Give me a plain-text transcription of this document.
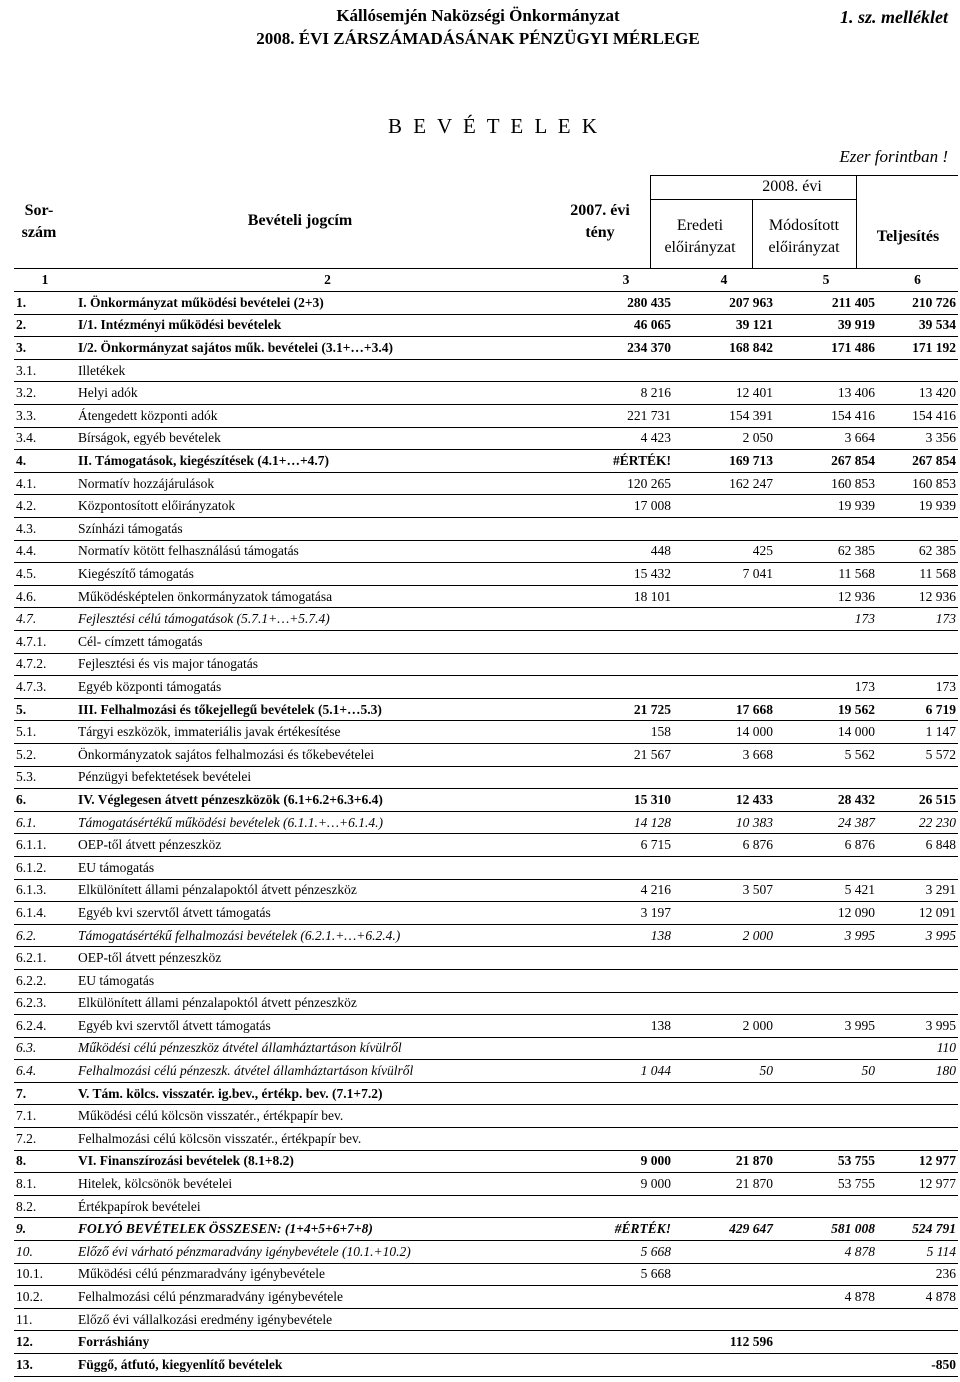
Kállósemjén Naközségi Önkormányzat
2008. ÉVI ZÁRSZÁMADÁSÁNAK PÉNZÜGYI MÉRLEGE
1. sz. melléklet
B E V É T E L E K
Ezer forintban !
Sor-
szám
Bevételi jogcím
2007. évi
tény
2008. évi
Eredeti
előirányzat
Módosított
előirányzat
Teljesítés
1	2	3	4	5	6
1.	I. Önkormányzat működési bevételei (2+3)	280 435	207 963	211 405	210 726
2.	I/1. Intézményi működési bevételek	46 065	39 121	39 919	39 534
3.	I/2. Önkormányzat sajátos műk. bevételei (3.1+…+3.4)	234 370	168 842	171 486	171 192
3.1.	Illetékek				
3.2.	Helyi adók	8 216	12 401	13 406	13 420
3.3.	Átengedett központi adók	221 731	154 391	154 416	154 416
3.4.	Bírságok, egyéb bevételek	4 423	2 050	3 664	3 356
4.	II. Támogatások, kiegészítések (4.1+…+4.7)	#ÉRTÉK!	169 713	267 854	267 854
4.1.	Normatív hozzájárulások	120 265	162 247	160 853	160 853
4.2.	Központosított előirányzatok	17 008		19 939	19 939
4.3.	Színházi támogatás				
4.4.	Normatív kötött felhasználású támogatás	448	425	62 385	62 385
4.5.	Kiegészítő támogatás	15 432	7 041	11 568	11 568
4.6.	Működésképtelen önkormányzatok támogatása	18 101		12 936	12 936
4.7.	Fejlesztési célú támogatások (5.7.1+…+5.7.4)			173	173
4.7.1.	Cél- címzett támogatás				
4.7.2.	Fejlesztési és vis major tánogatás				
4.7.3.	Egyéb központi támogatás			173	173
5.	III. Felhalmozási és tőkejellegű bevételek (5.1+…5.3)	21 725	17 668	19 562	6 719
5.1.	Tárgyi eszközök, immateriális javak értékesítése	158	14 000	14 000	1 147
5.2.	Önkormányzatok sajátos felhalmozási és tőkebevételei	21 567	3 668	5 562	5 572
5.3.	Pénzügyi befektetések bevételei				
6.	IV. Véglegesen átvett pénzeszközök (6.1+6.2+6.3+6.4)	15 310	12 433	28 432	26 515
6.1.	Támogatásértékű működési bevételek (6.1.1.+…+6.1.4.)	14 128	10 383	24 387	22 230
6.1.1.	OEP-től átvett pénzeszköz	6 715	6 876	6 876	6 848
6.1.2.	EU támogatás				
6.1.3.	Elkülönített állami pénzalapoktól átvett pénzeszköz	4 216	3 507	5 421	3 291
6.1.4.	Egyéb kvi szervtől átvett támogatás	3 197		12 090	12 091
6.2.	Támogatásértékű felhalmozási bevételek (6.2.1.+…+6.2.4.)	138	2 000	3 995	3 995
6.2.1.	OEP-től átvett pénzeszköz				
6.2.2.	EU támogatás				
6.2.3.	Elkülönített állami pénzalapoktól átvett pénzeszköz				
6.2.4.	Egyéb kvi szervtől átvett támogatás	138	2 000	3 995	3 995
6.3.	Működési célú pénzeszköz átvétel államháztartáson kívülről				110
6.4.	Felhalmozási célú pénzeszk. átvétel államháztartáson kívülről	1 044	50	50	180
7.	V. Tám. kölcs. visszatér. ig.bev., értékp. bev. (7.1+7.2)				
7.1.	Működési célú kölcsön visszatér., értékpapír bev.				
7.2.	Felhalmozási célú kölcsön visszatér., értékpapír bev.				
8.	VI. Finanszírozási bevételek (8.1+8.2)	9 000	21 870	53 755	12 977
8.1.	Hitelek, kölcsönök bevételei	9 000	21 870	53 755	12 977
8.2.	Értékpapírok bevételei				
9.	FOLYÓ BEVÉTELEK ÖSSZESEN: (1+4+5+6+7+8)	#ÉRTÉK!	429 647	581 008	524 791
10.	Előző évi várható pénzmaradvány igénybevétele (10.1.+10.2)	5 668		4 878	5 114
10.1.	Működési célú pénzmaradvány igénybevétele	5 668			236
10.2.	Felhalmozási célú pénzmaradvány igénybevétele			4 878	4 878
11.	Előző évi vállalkozási eredmény igénybevétele				
12.	Forráshiány		112 596		
13.	Függő, átfutó, kiegyenlítő bevételek				-850
